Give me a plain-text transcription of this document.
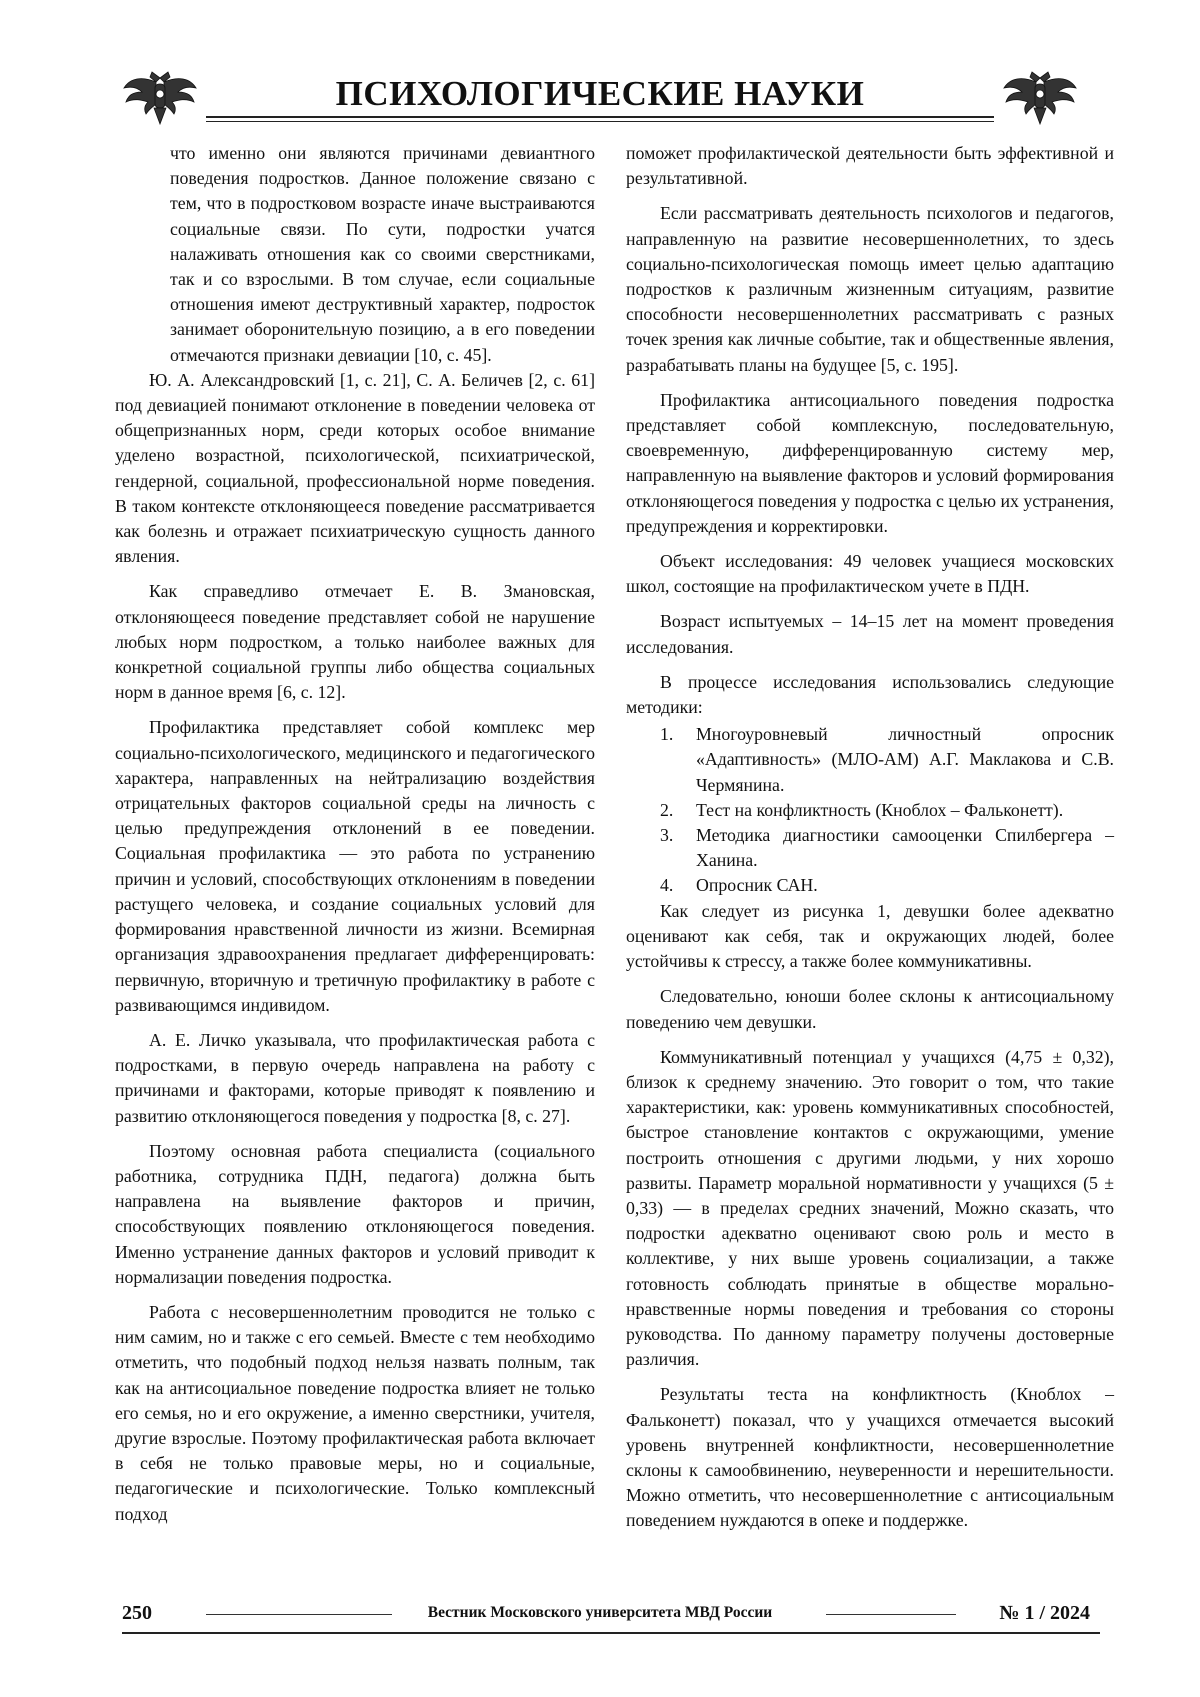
ПСИХОЛОГИЧЕСКИЕ НАУКИ

что именно они являются причинами девиантного поведения подростков. Данное положение связано с тем, что в подростковом возрасте иначе выстраиваются социальные связи. По сути, подростки учатся налаживать отношения как со своими сверстниками, так и со взрослыми. В том случае, если социальные отношения имеют деструктивный характер, подросток занимает оборонительную позицию, а в его поведении отмечаются признаки девиации [10, с. 45].

Ю. А. Александровский [1, с. 21], С. А. Беличев [2, с. 61] под девиацией понимают отклонение в поведении человека от общепризнанных норм, среди которых особое внимание уделено возрастной, психологической, психиатрической, гендерной, социальной, профессиональной норме поведения. В таком контексте отклоняющееся поведение рассматривается как болезнь и отражает психиатрическую сущность данного явления.

Как справедливо отмечает Е. В. Змановская, отклоняющееся поведение представляет собой не нарушение любых норм подростком, а только наиболее важных для конкретной социальной группы либо общества социальных норм в данное время [6, с. 12].

Профилактика представляет собой комплекс мер социально-психологического, медицинского и педагогического характера, направленных на нейтрализацию воздействия отрицательных факторов социальной среды на личность с целью предупреждения отклонений в ее поведении. Социальная профилактика — это работа по устранению причин и условий, способствующих отклонениям в поведении растущего человека, и создание социальных условий для формирования нравственной личности из жизни. Всемирная организация здравоохранения предлагает дифференцировать: первичную, вторичную и третичную профилактику в работе с развивающимся индивидом.

А. Е. Личко указывала, что профилактическая работа с подростками, в первую очередь направлена на работу с причинами и факторами, которые приводят к появлению и развитию отклоняющегося поведения у подростка [8, с. 27].

Поэтому основная работа специалиста (социального работника, сотрудника ПДН, педагога) должна быть направлена на выявление факторов и причин, способствующих появлению отклоняющегося поведения. Именно устранение данных факторов и условий приводит к нормализации поведения подростка.

Работа с несовершеннолетним проводится не только с ним самим, но и также с его семьей. Вместе с тем необходимо отметить, что подобный подход нельзя назвать полным, так как на антисоциальное поведение подростка влияет не только его семья, но и его окружение, а именно сверстники, учителя, другие взрослые. Поэтому профилактическая работа включает в себя не только правовые меры, но и социальные, педагогические и психологические. Только комплексный подход

поможет профилактической деятельности быть эффективной и результативной.

Если рассматривать деятельность психологов и педагогов, направленную на развитие несовершеннолетних, то здесь социально-психологическая помощь имеет целью адаптацию подростков к различным жизненным ситуациям, развитие способности несовершеннолетних рассматривать с разных точек зрения как личные событие, так и общественные явления, разрабатывать планы на будущее [5, с. 195].

Профилактика антисоциального поведения подростка представляет собой комплексную, последовательную, своевременную, дифференцированную систему мер, направленную на выявление факторов и условий формирования отклоняющегося поведения у подростка с целью их устранения, предупреждения и корректировки.

Объект исследования: 49 человек учащиеся московских школ, состоящие на профилактическом учете в ПДН.

Возраст испытуемых – 14–15 лет на момент проведения исследования.

В процессе исследования использовались следующие методики:

1. Многоуровневый личностный опросник «Адаптивность» (МЛО-АМ) А.Г. Маклакова и С.В. Чермянина.
2. Тест на конфликтность (Кноблох – Фальконетт).
3. Методика диагностики самооценки Спилбергера – Ханина.
4. Опросник САН.

Как следует из рисунка 1, девушки более адекватно оценивают как себя, так и окружающих людей, более устойчивы к стрессу, а также более коммуникативны.

Следовательно, юноши более склоны к антисоциальному поведению чем девушки.

Коммуникативный потенциал у учащихся (4,75 ± 0,32), близок к среднему значению. Это говорит о том, что такие характеристики, как: уровень коммуникативных способностей, быстрое становление контактов с окружающими, умение построить отношения с другими людьми, у них хорошо развиты. Параметр моральной нормативности у учащихся (5 ± 0,33) — в пределах средних значений, Можно сказать, что подростки адекватно оценивают свою роль и место в коллективе, у них выше уровень социализации, а также готовность соблюдать принятые в обществе морально-нравственные нормы поведения и требования со стороны руководства. По данному параметру получены достоверные различия.

Результаты теста на конфликтность (Кноблох – Фальконетт) показал, что у учащихся отмечается высокий уровень внутренней конфликтности, несовершеннолетние склоны к самообвинению, неуверенности и нерешительности. Можно отметить, что несовершеннолетние с антисоциальным поведением нуждаются в опеке и поддержке.

250	Вестник Московского университета МВД России	№ 1 / 2024
